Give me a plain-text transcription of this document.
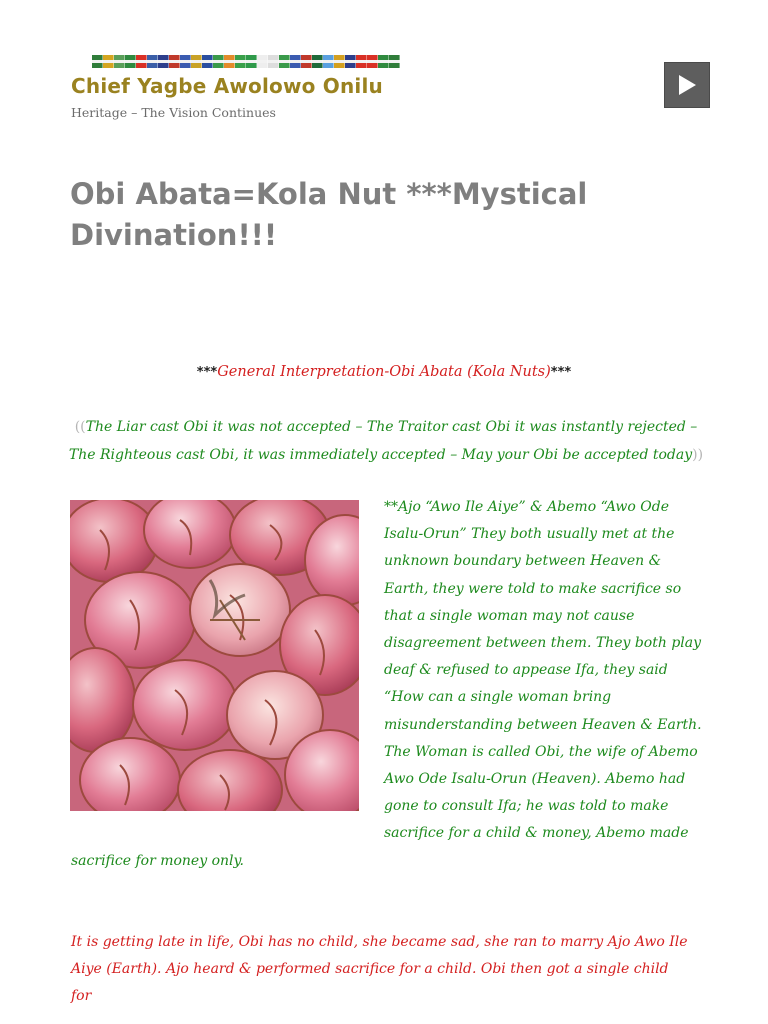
Chief Yagbe Awolowo Onilu
Heritage – The Vision Continues
Obi Abata=Kola Nut ***Mystical Divination!!!
***General Interpretation-Obi Abata (Kola Nuts)***
((The Liar cast Obi it was not accepted – The Traitor cast Obi it was instantly rejected – The Righteous cast Obi, it was immediately accepted – May your Obi be accepted today))
**Ajo “Awo Ile Aiye” & Abemo “Awo Ode
Isalu-Orun” They both usually met at the
unknown boundary between Heaven &
Earth, they were told to make sacrifice so
that a single woman may not cause
disagreement between them. They both play
deaf & refused to appease Ifa, they said
“How can a single woman bring
misunderstanding between Heaven & Earth.
The Woman is called Obi, the wife of Abemo
Awo Ode Isalu-Orun (Heaven). Abemo had
gone to consult Ifa; he was told to make
sacrifice for a child & money, Abemo made
sacrifice for money only.

It is getting late in life, Obi has no child, she became sad, she ran to marry Ajo Awo Ile Aiye (Earth). Ajo heard & performed sacrifice for a child. Obi then got a single child for
